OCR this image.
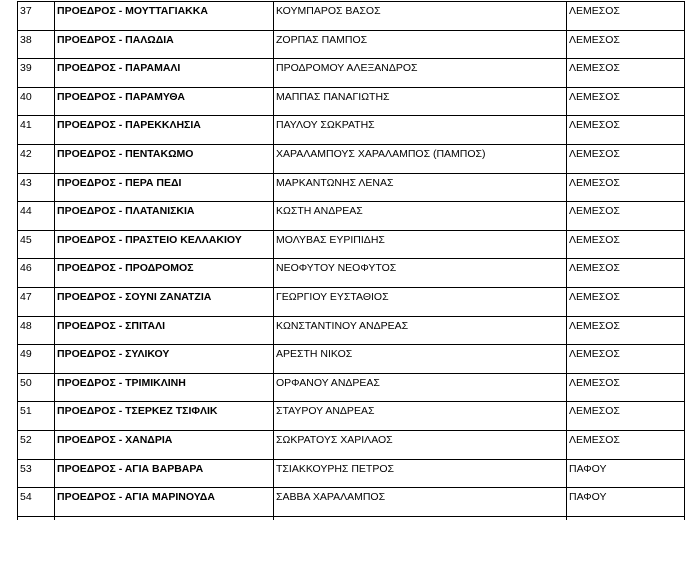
37	ΠΡΟΕΔΡΟΣ - ΜΟΥΤΤΑΓΙΑΚΚΑ	ΚΟΥΜΠΑΡΟΣ ΒΑΣΟΣ	ΛΕΜΕΣΟΣ
38	ΠΡΟΕΔΡΟΣ - ΠΑΛΩΔΙΑ	ΖΟΡΠΑΣ ΠΑΜΠΟΣ	ΛΕΜΕΣΟΣ
39	ΠΡΟΕΔΡΟΣ - ΠΑΡΑΜΑΛΙ	ΠΡΟΔΡΟΜΟΥ ΑΛΕΞΑΝΔΡΟΣ	ΛΕΜΕΣΟΣ
40	ΠΡΟΕΔΡΟΣ - ΠΑΡΑΜΥΘΑ	ΜΑΠΠΑΣ ΠΑΝΑΓΙΩΤΗΣ	ΛΕΜΕΣΟΣ
41	ΠΡΟΕΔΡΟΣ - ΠΑΡΕΚΚΛΗΣΙΑ	ΠΑΥΛΟΥ ΣΩΚΡΑΤΗΣ	ΛΕΜΕΣΟΣ
42	ΠΡΟΕΔΡΟΣ - ΠΕΝΤΑΚΩΜΟ	ΧΑΡΑΛΑΜΠΟΥΣ ΧΑΡΑΛΑΜΠΟΣ (ΠΑΜΠΟΣ)	ΛΕΜΕΣΟΣ
43	ΠΡΟΕΔΡΟΣ - ΠΕΡΑ ΠΕΔΙ	ΜΑΡΚΑΝΤΩΝΗΣ ΛΕΝΑΣ	ΛΕΜΕΣΟΣ
44	ΠΡΟΕΔΡΟΣ - ΠΛΑΤΑΝΙΣΚΙΑ	ΚΩΣΤΗ ΑΝΔΡΕΑΣ	ΛΕΜΕΣΟΣ
45	ΠΡΟΕΔΡΟΣ - ΠΡΑΣΤΕΙΟ ΚΕΛΛΑΚΙΟΥ	ΜΟΛΥΒΑΣ ΕΥΡΙΠΙΔΗΣ	ΛΕΜΕΣΟΣ
46	ΠΡΟΕΔΡΟΣ - ΠΡΟΔΡΟΜΟΣ	ΝΕΟΦΥΤΟΥ ΝΕΟΦΥΤΟΣ	ΛΕΜΕΣΟΣ
47	ΠΡΟΕΔΡΟΣ - ΣΟΥΝΙ ΖΑΝΑΤΖΙΑ	ΓΕΩΡΓΙΟΥ ΕΥΣΤΑΘΙΟΣ	ΛΕΜΕΣΟΣ
48	ΠΡΟΕΔΡΟΣ - ΣΠΙΤΑΛΙ	ΚΩΝΣΤΑΝΤΙΝΟΥ ΑΝΔΡΕΑΣ	ΛΕΜΕΣΟΣ
49	ΠΡΟΕΔΡΟΣ - ΣΥΛΙΚΟΥ	ΑΡΕΣΤΗ ΝΙΚΟΣ	ΛΕΜΕΣΟΣ
50	ΠΡΟΕΔΡΟΣ - ΤΡΙΜΙΚΛΙΝΗ	ΟΡΦΑΝΟΥ ΑΝΔΡΕΑΣ	ΛΕΜΕΣΟΣ
51	ΠΡΟΕΔΡΟΣ - ΤΣΕΡΚΕΖ ΤΣΙΦΛΙΚ	ΣΤΑΥΡΟΥ ΑΝΔΡΕΑΣ	ΛΕΜΕΣΟΣ
52	ΠΡΟΕΔΡΟΣ - ΧΑΝΔΡΙΑ	ΣΩΚΡΑΤΟΥΣ ΧΑΡΙΛΑΟΣ	ΛΕΜΕΣΟΣ
53	ΠΡΟΕΔΡΟΣ - ΑΓΙΑ ΒΑΡΒΑΡΑ	ΤΣΙΑΚΚΟΥΡΗΣ ΠΕΤΡΟΣ	ΠΑΦΟΥ
54	ΠΡΟΕΔΡΟΣ - ΑΓΙΑ ΜΑΡΙΝΟΥΔΑ	ΣΑΒΒΑ ΧΑΡΑΛΑΜΠΟΣ	ΠΑΦΟΥ
